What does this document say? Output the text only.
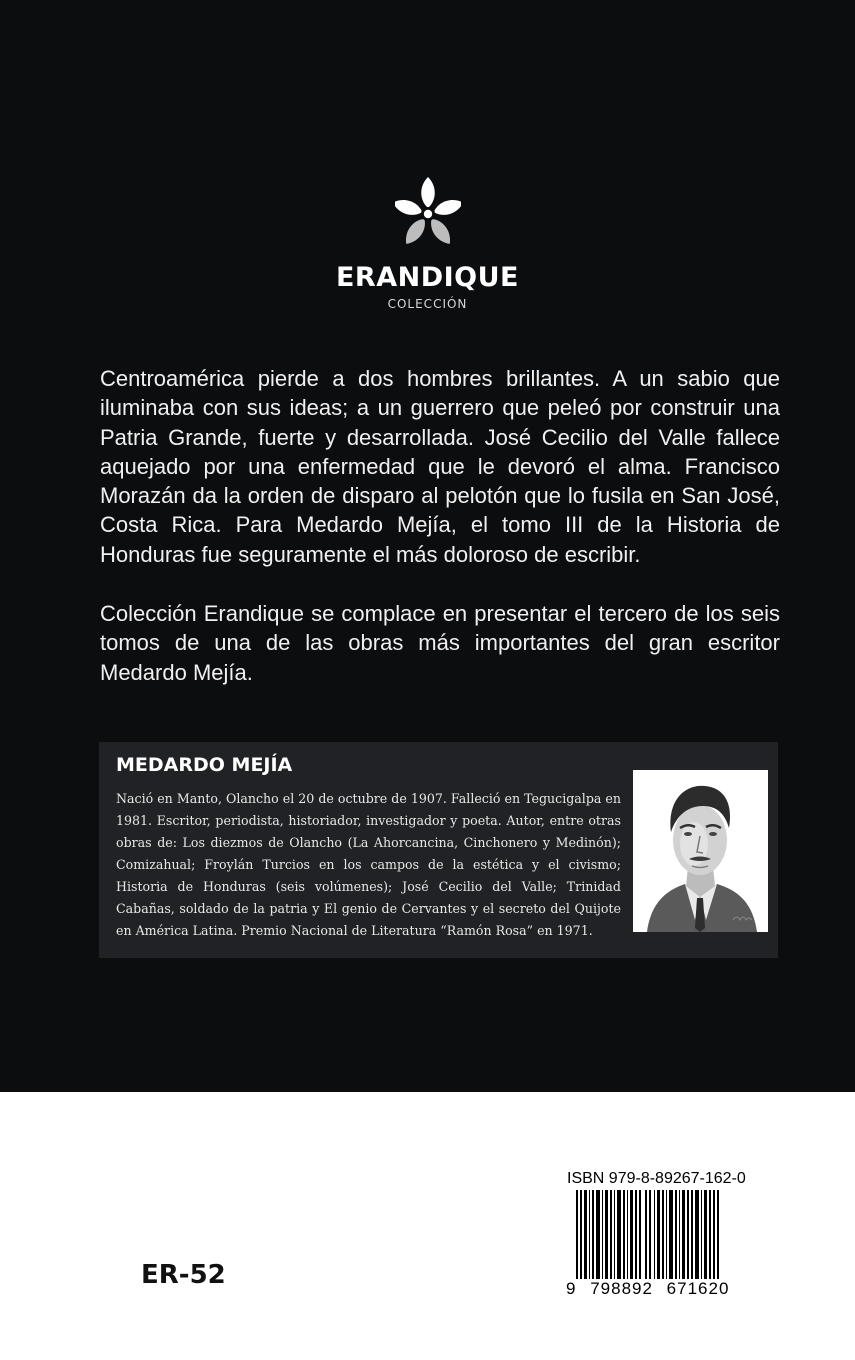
ERANDIQUE
COLECCIÓN

Centroamérica pierde a dos hombres brillantes. A un sabio que iluminaba con sus ideas; a un guerrero que peleó por construir una Patria Grande, fuerte y desarrollada. José Cecilio del Valle fallece aquejado por una enfermedad que le devoró el alma. Francisco Morazán da la orden de disparo al pelotón que lo fusila en San José, Costa Rica. Para Medardo Mejía, el tomo III de la Historia de Honduras fue seguramente el más doloroso de escribir.

Colección Erandique se complace en presentar el tercero de los seis tomos de una de las obras más importantes del gran escritor Medardo Mejía.

MEDARDO MEJÍA

Nació en Manto, Olancho el 20 de octubre de 1907. Falleció en Tegucigalpa en 1981. Escritor, periodista, historiador, investigador y poeta. Autor, entre otras obras de: Los diezmos de Olancho (La Ahorcancina, Cinchonero y Medinón); Comizahual; Froylán Turcios en los campos de la estética y el civismo; Historia de Honduras (seis volúmenes); José Cecilio del Valle; Trinidad Cabañas, soldado de la patria y El genio de Cervantes y el secreto del Quijote en América Latina. Premio Nacional de Literatura “Ramón Rosa” en 1971.

ER-52
ISBN 979-8-89267-162-0
9 798892 671620
